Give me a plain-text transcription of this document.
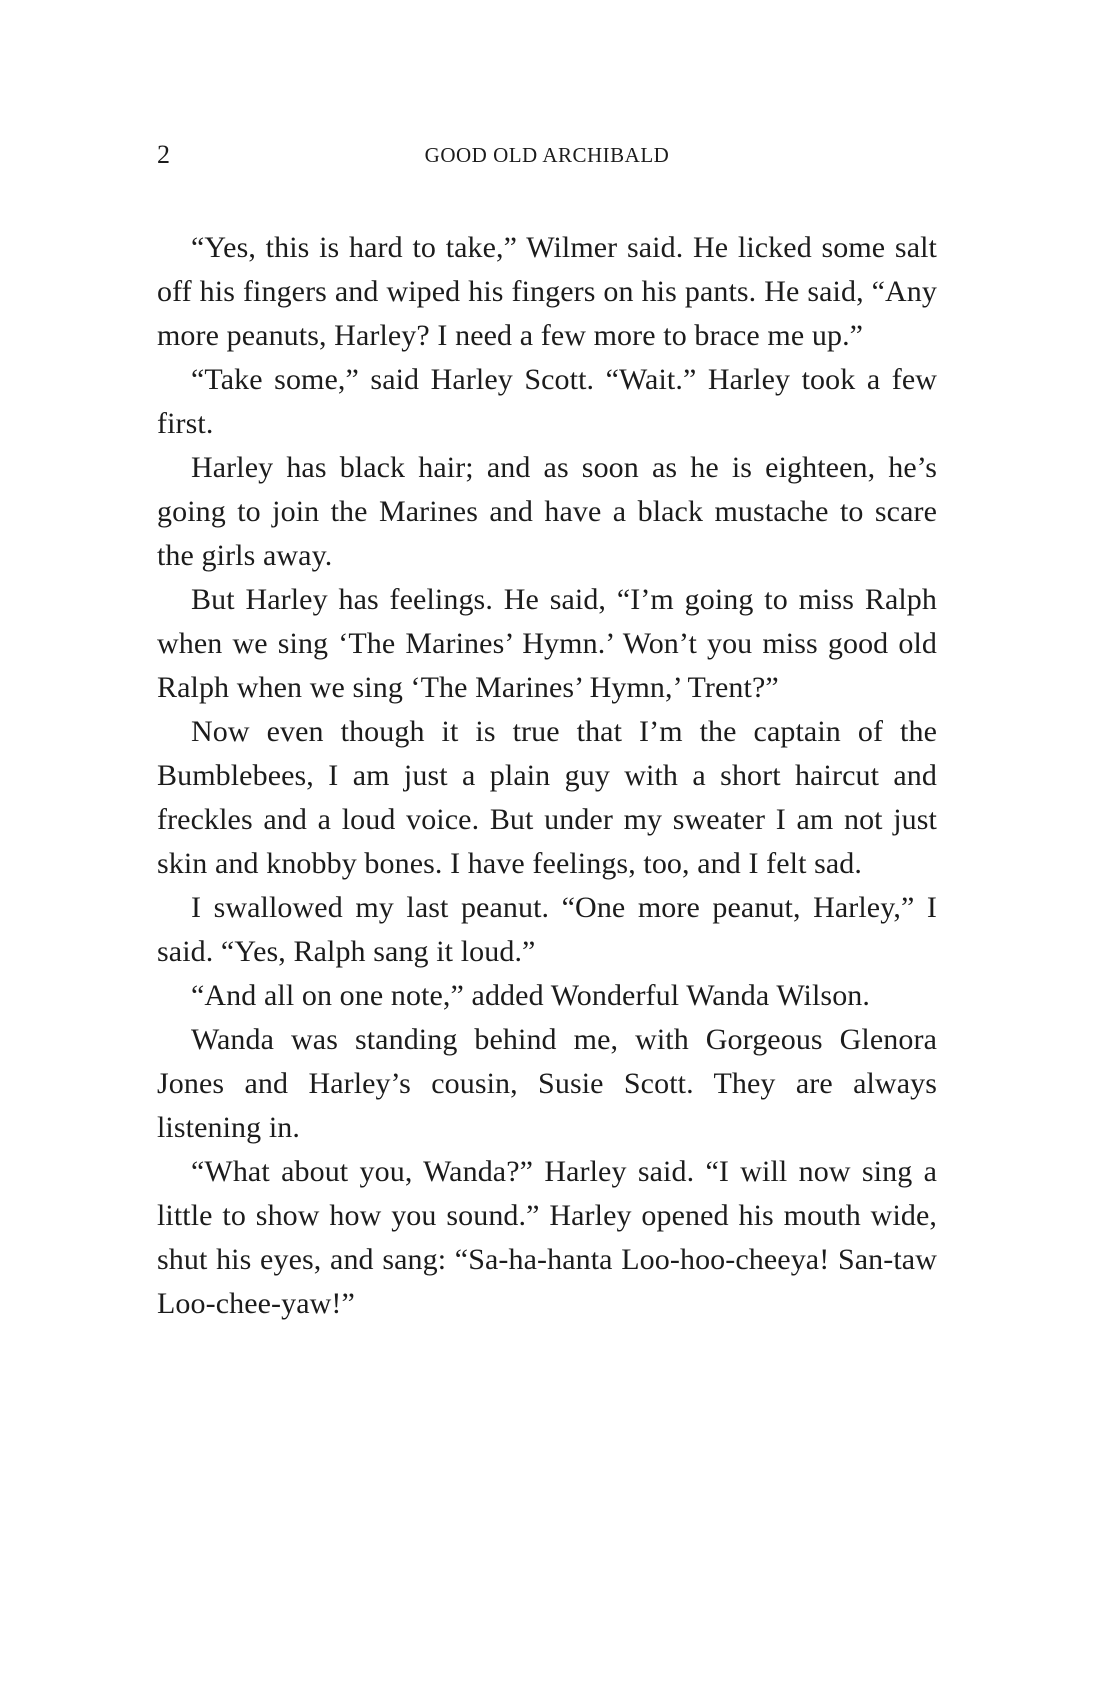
2	GOOD OLD ARCHIBALD

“Yes, this is hard to take,” Wilmer said. He licked some salt off his fingers and wiped his fingers on his pants. He said, “Any more peanuts, Harley? I need a few more to brace me up.”

“Take some,” said Harley Scott. “Wait.” Harley took a few first.

Harley has black hair; and as soon as he is eighteen, he’s going to join the Marines and have a black mustache to scare the girls away.

But Harley has feelings. He said, “I’m going to miss Ralph when we sing ‘The Marines’ Hymn.’ Won’t you miss good old Ralph when we sing ‘The Marines’ Hymn,’ Trent?”

Now even though it is true that I’m the captain of the Bumblebees, I am just a plain guy with a short haircut and freckles and a loud voice. But under my sweater I am not just skin and knobby bones. I have feelings, too, and I felt sad.

I swallowed my last peanut. “One more peanut, Harley,” I said. “Yes, Ralph sang it loud.”

“And all on one note,” added Wonderful Wanda Wilson.

Wanda was standing behind me, with Gorgeous Glenora Jones and Harley’s cousin, Susie Scott. They are always listening in.

“What about you, Wanda?” Harley said. “I will now sing a little to show how you sound.” Harley opened his mouth wide, shut his eyes, and sang: “Sa-ha-hanta Loo-hoo-cheeya! San-taw Loo-chee-yaw!”
